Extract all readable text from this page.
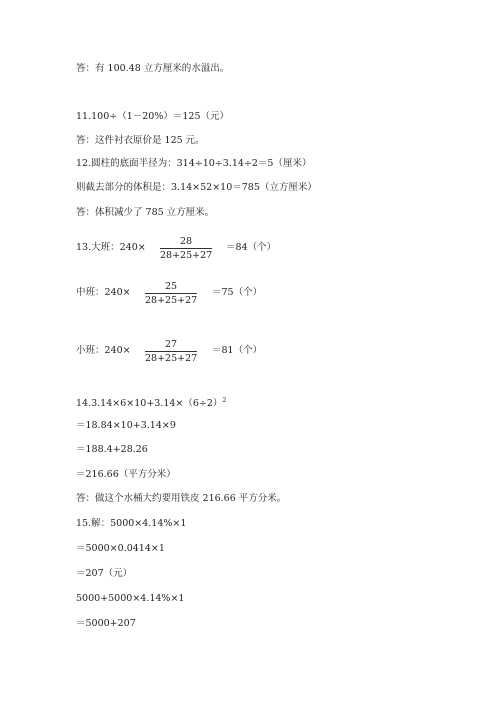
答：有 100.48 立方厘米的水溢出。
11.100÷（1－20%）＝125（元）
答：这件衬衣原价是 125 元。
12.圆柱的底面半径为：314÷10÷3.14÷2＝5（厘米）
则截去部分的体积是：3.14×52×10＝785（立方厘米）
答：体积减少了 785 立方厘米。
13.大班：240×
28
28+25+27
＝84（个）
中班：240×
25
28+25+27
＝75（个）
小班：240×
27
28+25+27
＝81（个）
$14.3.14\times 6\times 10+3.14\times(6\div 2)^2$
＝18.84×10+3.14×9
＝188.4+28.26
＝216.66（平方分米）
答：做这个水桶大约要用铁皮 216.66 平方分米。
15.解：5000×4.14%×1
＝5000×0.0414×1
＝207（元）
5000+5000×4.14%×1
＝5000+207
